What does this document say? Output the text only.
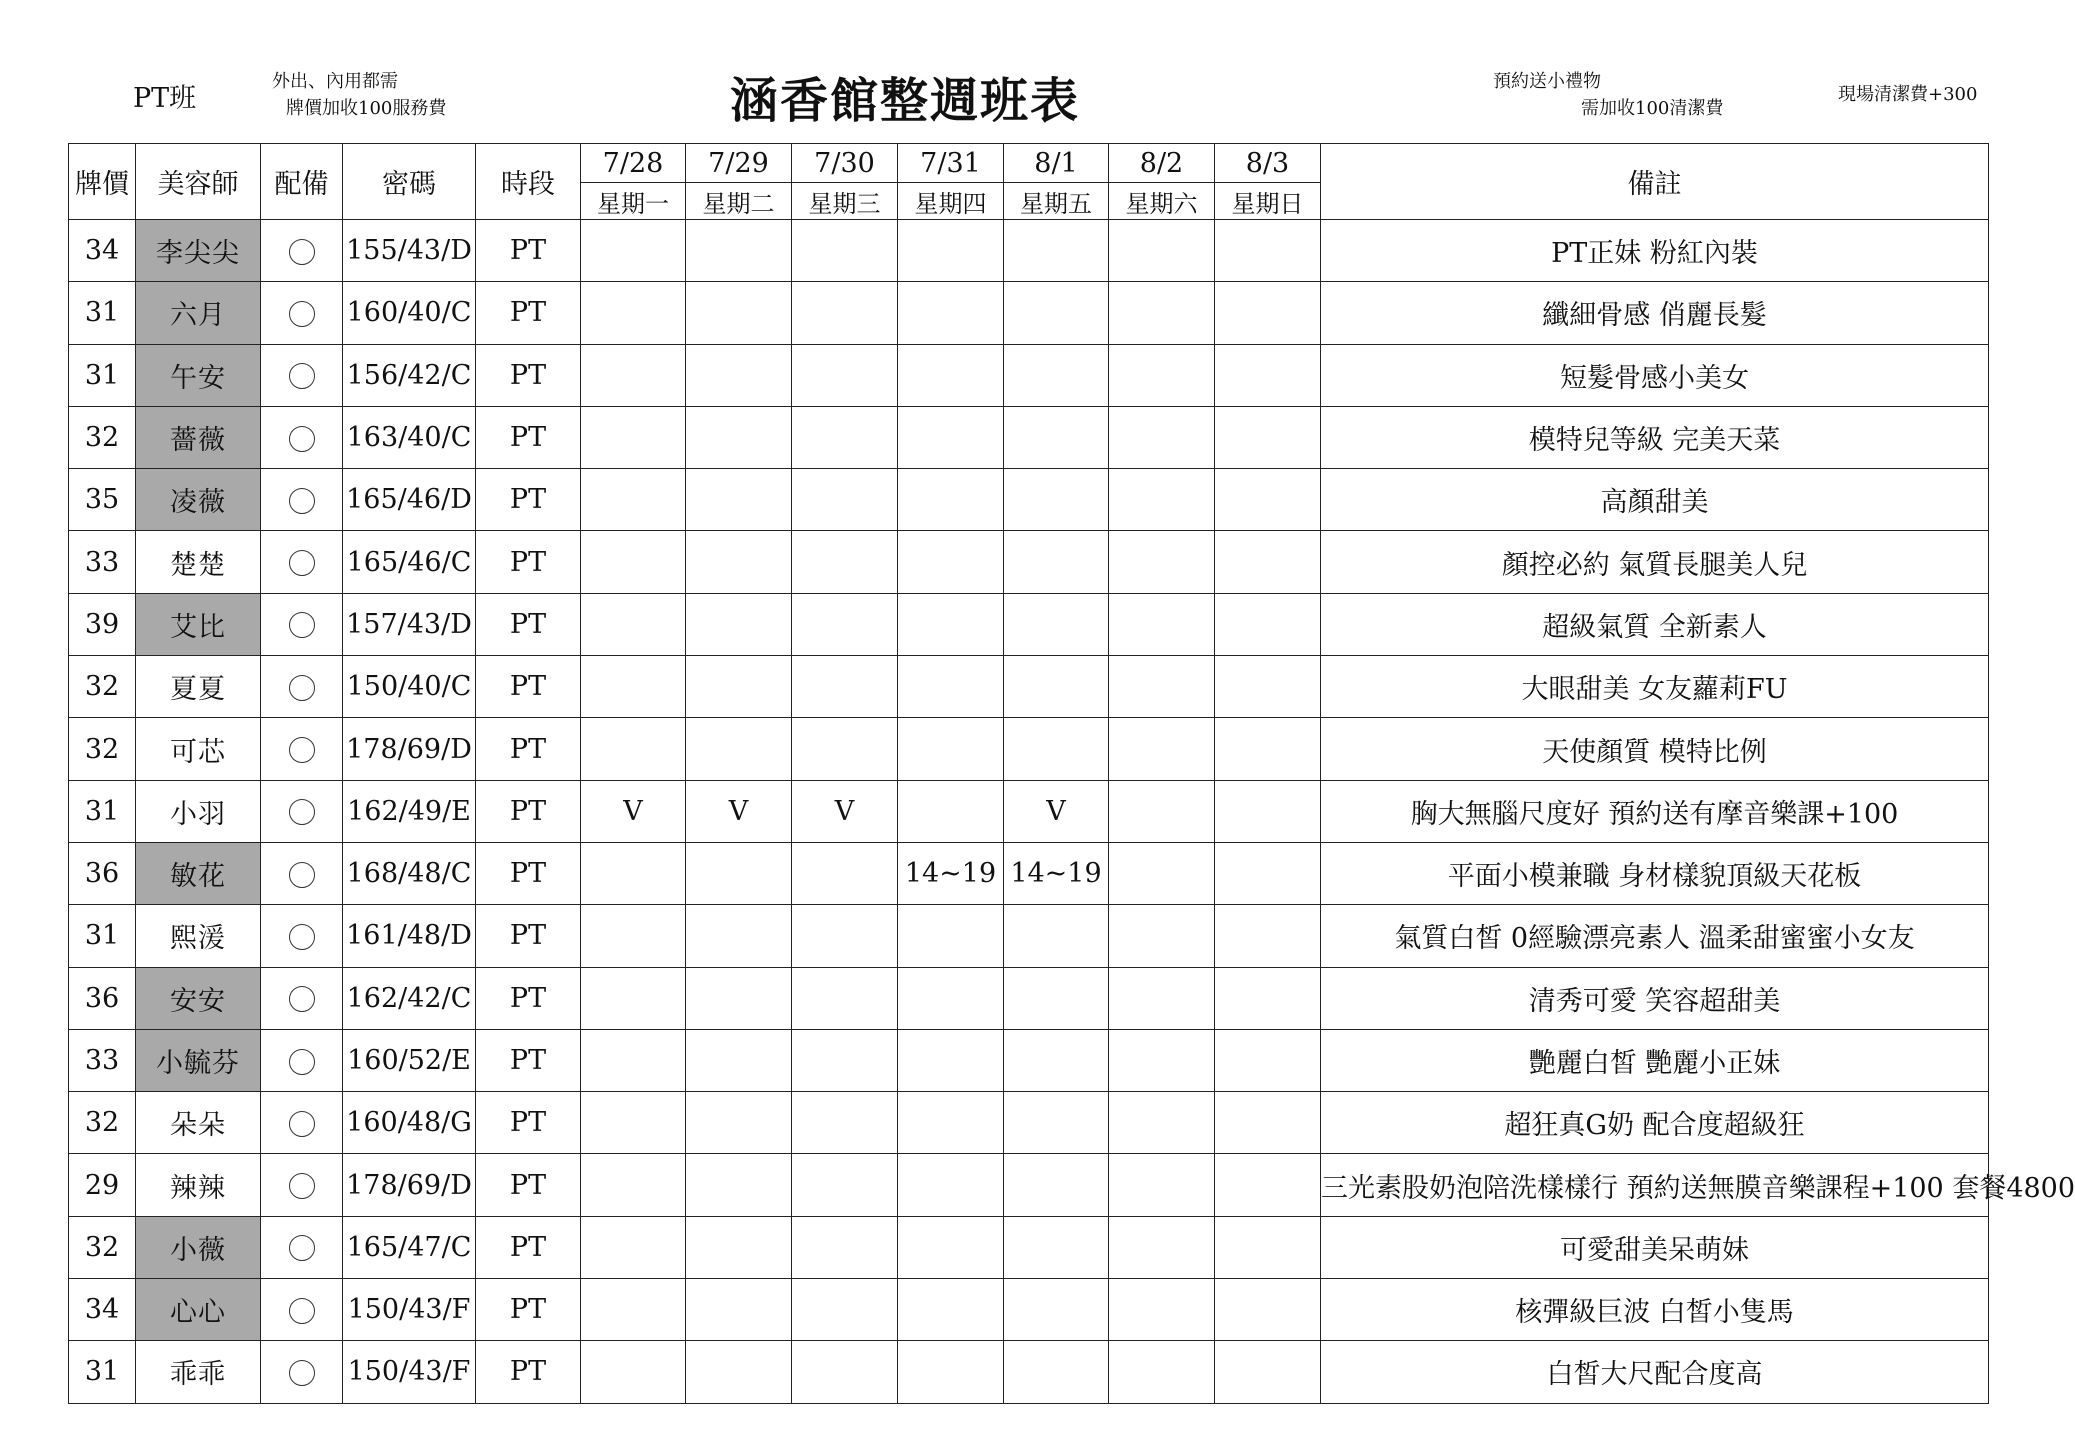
PT班
外出、內用都需
牌價加收100服務費	涵香館整週班表	預約送小禮物
需加收100清潔費
現場清潔費+300
牌價	美容師	配備	密碼	時段	7/28	7/29	7/30	7/31	8/1	8/2	8/3	備註
					星期一	星期二	星期三	星期四	星期五	星期六	星期日	
34	李尖尖		155/43/D	PT								PT正妹 粉紅內裝
31	六月		160/40/C	PT								纖細骨感 俏麗長髮
31	午安		156/42/C	PT								短髮骨感小美女
32	薔薇		163/40/C	PT								模特兒等級 完美天菜
35	凌薇		165/46/D	PT								高顏甜美
33	楚楚		165/46/C	PT								顏控必約 氣質長腿美人兒
39	艾比		157/43/D	PT								超級氣質 全新素人
32	夏夏		150/40/C	PT								大眼甜美 女友蘿莉FU
32	可芯		178/69/D	PT								天使顏質 模特比例
31	小羽		162/49/E	PT	V	V	V		V			胸大無腦尺度好 預約送有摩音樂課+100
36	敏花		168/48/C	PT				14~19	14~19			平面小模兼職 身材樣貌頂級天花板
31	熙湲		161/48/D	PT								氣質白皙 0經驗漂亮素人 溫柔甜蜜蜜小女友
36	安安		162/42/C	PT								清秀可愛 笑容超甜美
33	小毓芬		160/52/E	PT								艷麗白皙 艷麗小正妹
32	朵朵		160/48/G	PT								超狂真G奶 配合度超級狂
29	辣辣		178/69/D	PT								三光素股奶泡陪洗樣樣行 預約送無膜音樂課程+100 套餐4800
32	小薇		165/47/C	PT								可愛甜美呆萌妹
34	心心		150/43/F	PT								核彈級巨波 白皙小隻馬
31	乖乖		150/43/F	PT								白皙大尺配合度高
